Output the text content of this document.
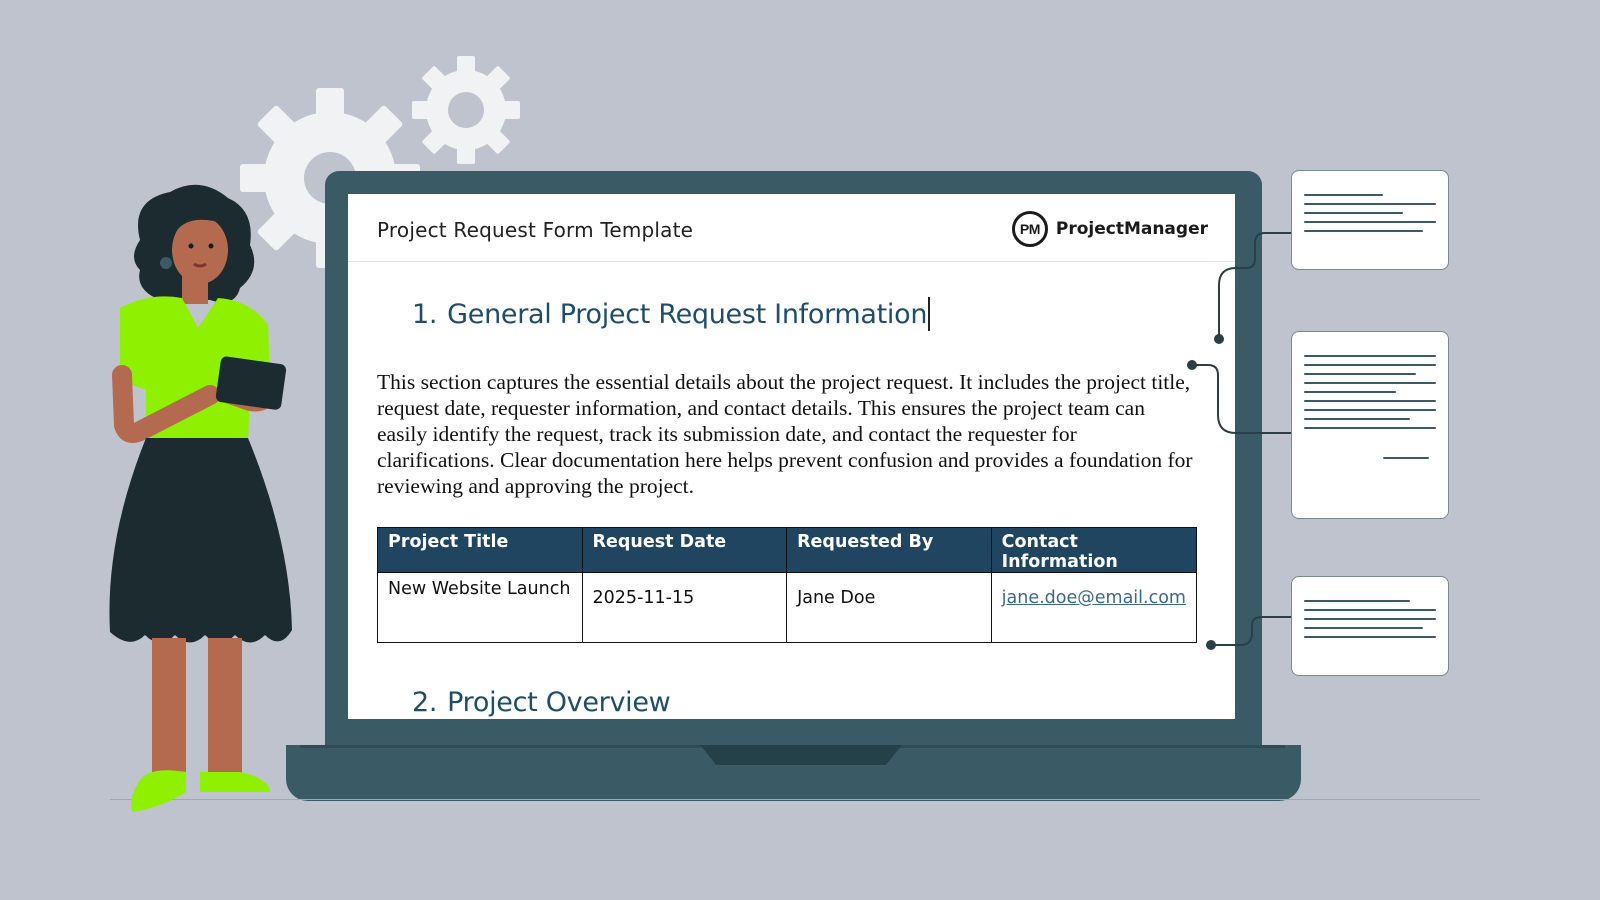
Project Request Form Template	PM ProjectManager
1. General Project Request Information
This section captures the essential details about the project request. It includes the project title, request date, requester information, and contact details. This ensures the project team can easily identify the request, track its submission date, and contact the requester for clarifications. Clear documentation here helps prevent confusion and provides a foundation for reviewing and approving the project.
Project Title	Request Date	Requested By	Contact Information
New Website Launch	2025-11-15	Jane Doe	jane.doe@email.com
2. Project Overview
